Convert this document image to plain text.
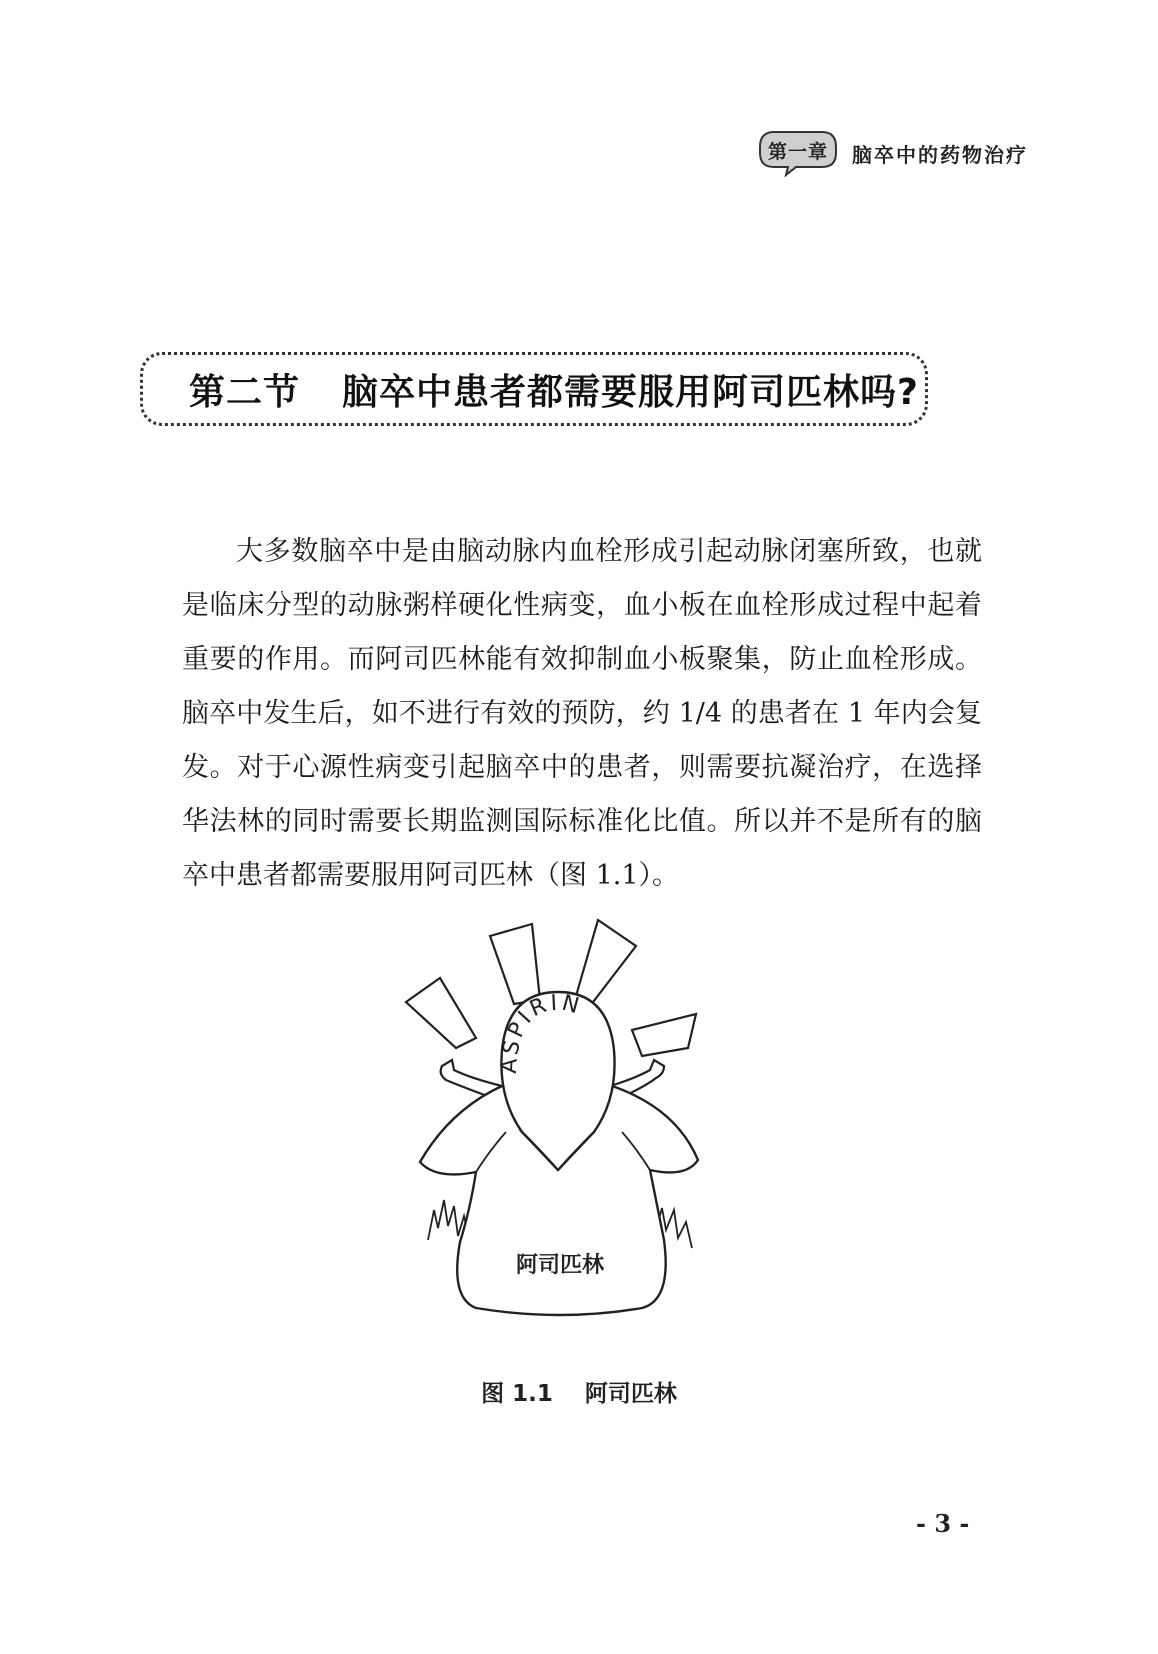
第一章	脑卒中的药物治疗
第二节 脑卒中患者都需要服用阿司匹林吗?

大多数脑卒中是由脑动脉内血栓形成引起动脉闭塞所致，也就是临床分型的动脉粥样硬化性病变，血小板在血栓形成过程中起着重要的作用。而阿司匹林能有效抑制血小板聚集，防止血栓形成。脑卒中发生后，如不进行有效的预防，约 1/4 的患者在 1 年内会复发。对于心源性病变引起脑卒中的患者，则需要抗凝治疗，在选择华法林的同时需要长期监测国际标准化比值。所以并不是所有的脑卒中患者都需要服用阿司匹林（图 1.1）。

ASPIRIN
阿司匹林
图 1.1 阿司匹林
- 3 -
